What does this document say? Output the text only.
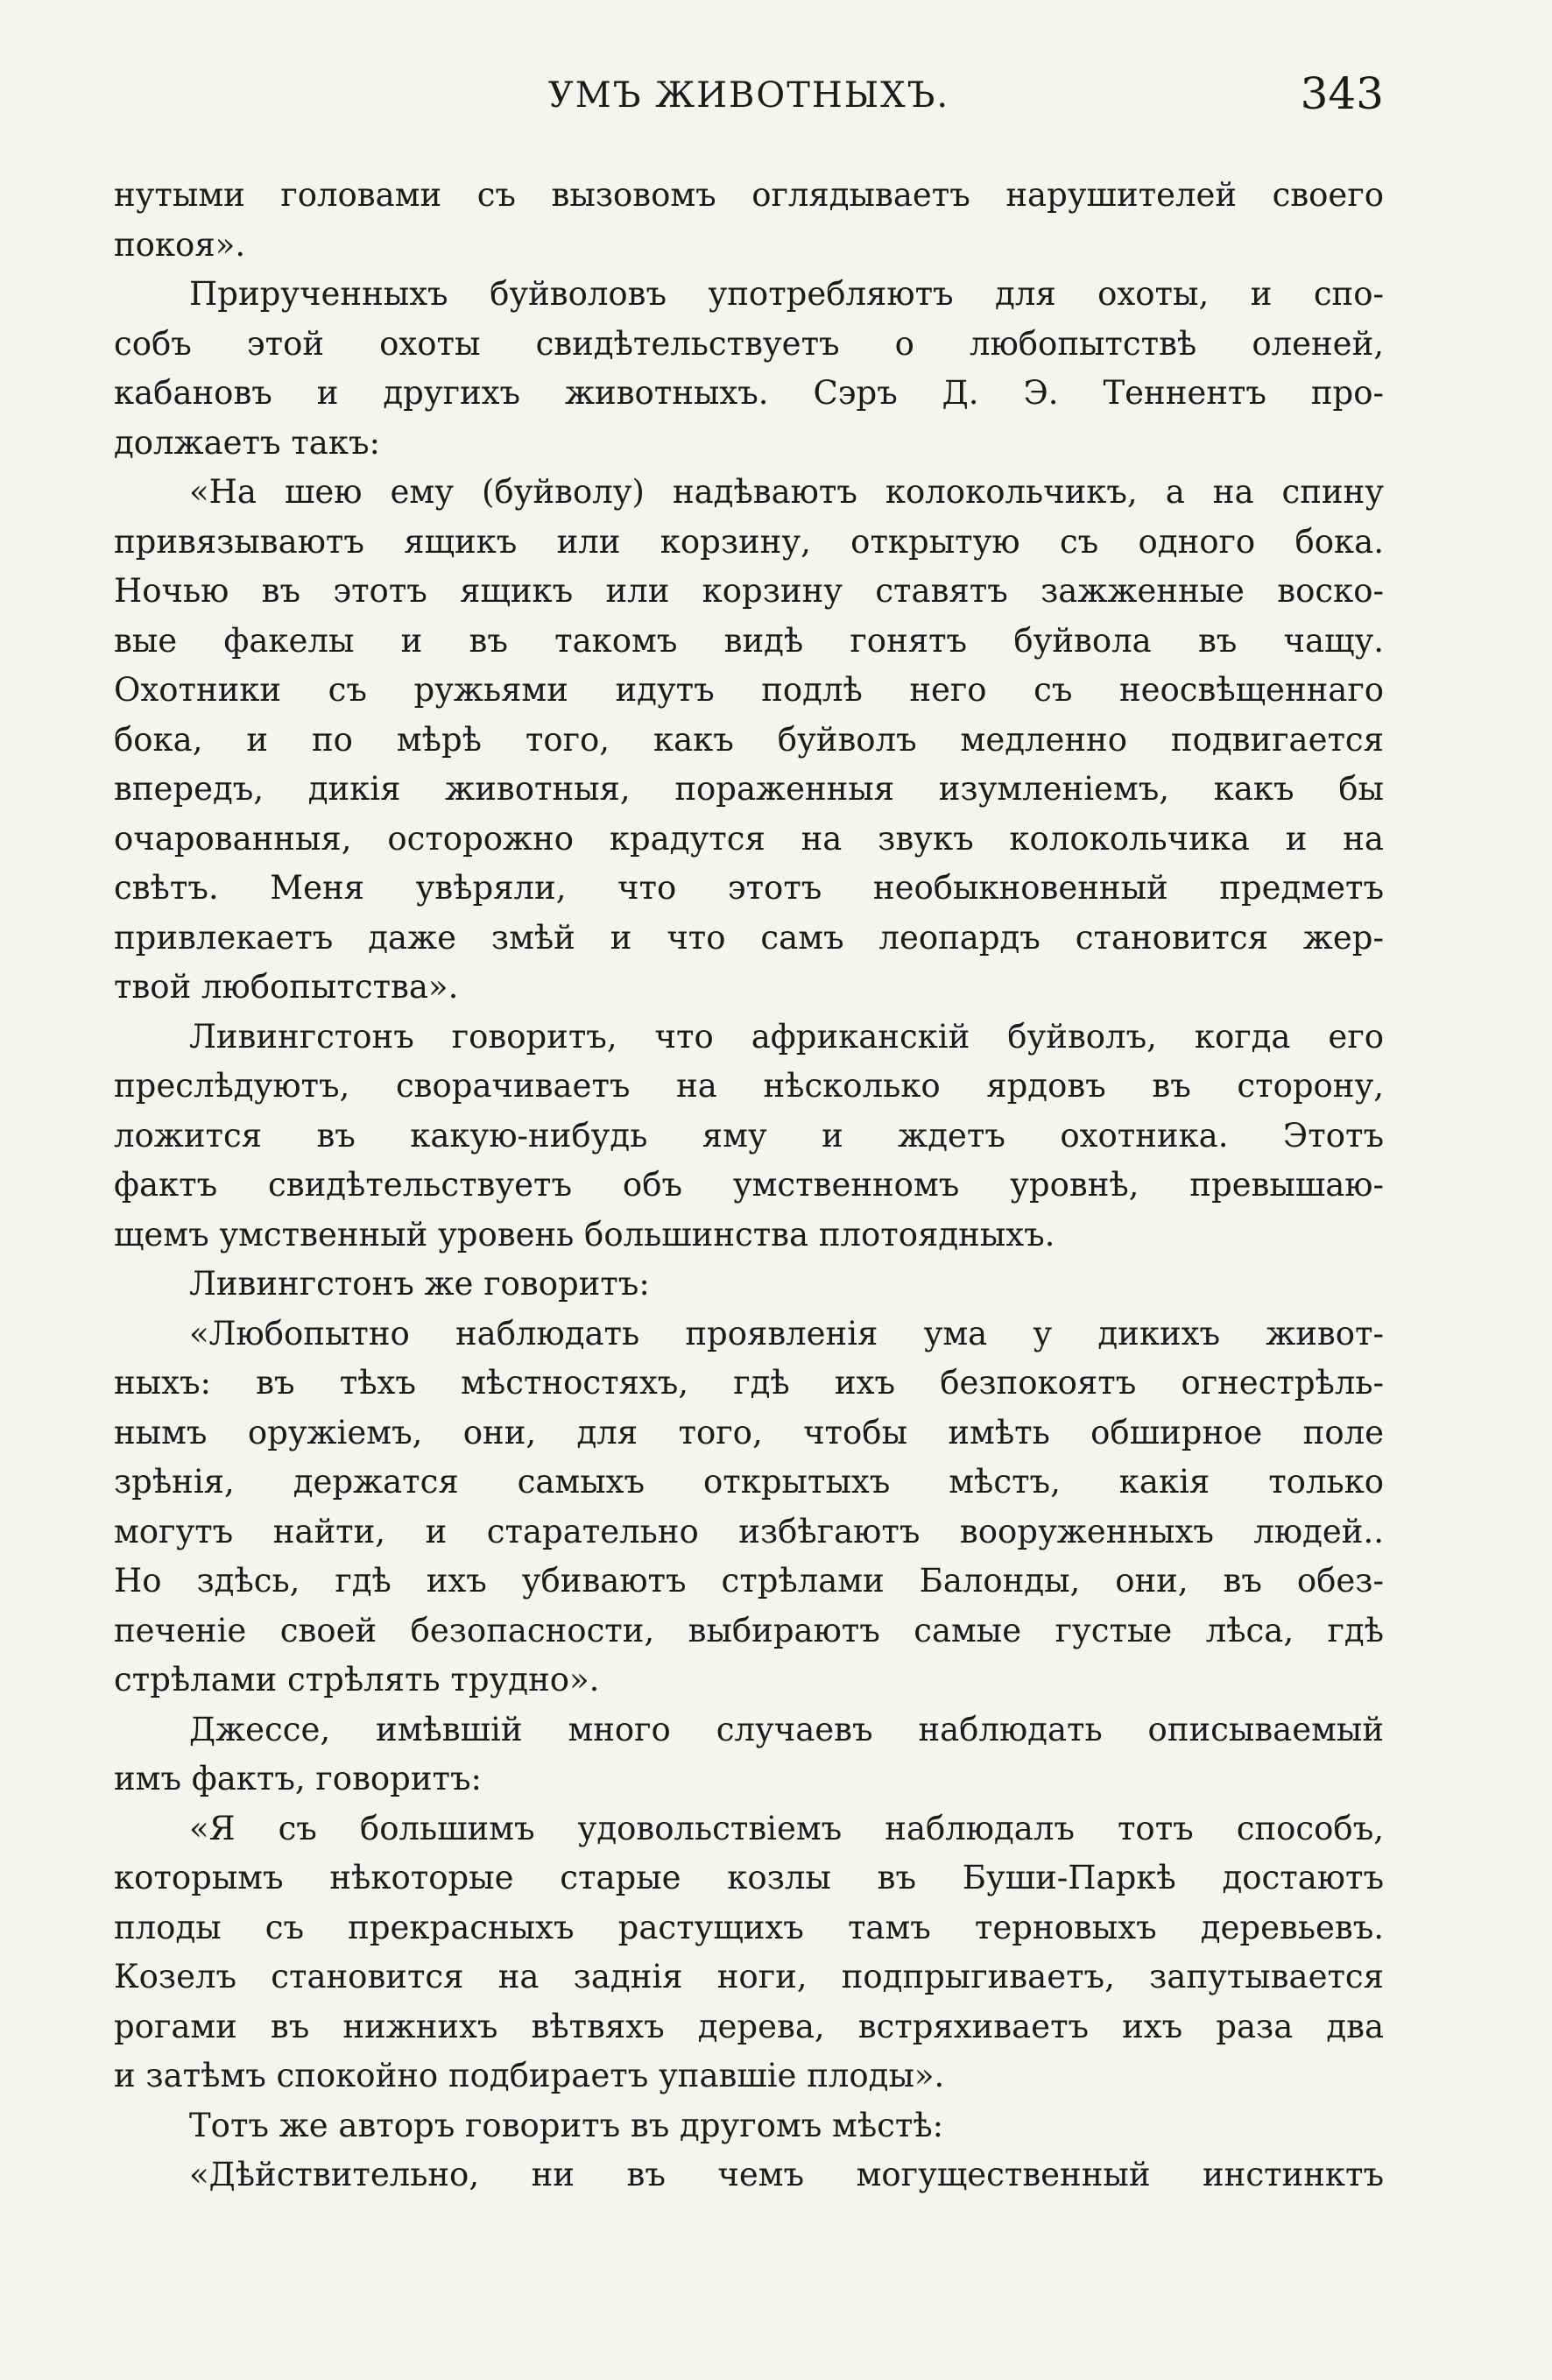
УМЪ ЖИВОТНЫХЪ.	343
нутыми головами съ вызовомъ оглядываетъ нарушителей своего
покоя».
Прирученныхъ буйволовъ употребляютъ для охоты, и спо-
собъ этой охоты свидѣтельствуетъ о любопытствѣ оленей,
кабановъ и другихъ животныхъ. Сэръ Д. Э. Теннентъ про-
должаетъ такъ:
«На шею ему (буйволу) надѣваютъ колокольчикъ, а на спину
привязываютъ ящикъ или корзину, открытую съ одного бока.
Ночью въ этотъ ящикъ или корзину ставятъ зажженные воско-
вые факелы и въ такомъ видѣ гонятъ буйвола въ чащу.
Охотники съ ружьями идутъ подлѣ него съ неосвѣщеннаго
бока, и по мѣрѣ того, какъ буйволъ медленно подвигается
впередъ, дикія животныя, пораженныя изумленіемъ, какъ бы
очарованныя, осторожно крадутся на звукъ колокольчика и на
свѣтъ. Меня увѣряли, что этотъ необыкновенный предметъ
привлекаетъ даже змѣй и что самъ леопардъ становится жер-
твой любопытства».
Ливингстонъ говоритъ, что африканскій буйволъ, когда его
преслѣдуютъ, сворачиваетъ на нѣсколько ярдовъ въ сторону,
ложится въ какую-нибудь яму и ждетъ охотника. Этотъ
фактъ свидѣтельствуетъ объ умственномъ уровнѣ, превышаю-
щемъ умственный уровень большинства плотоядныхъ.
Ливингстонъ же говоритъ:
«Любопытно наблюдать проявленія ума у дикихъ живот-
ныхъ: въ тѣхъ мѣстностяхъ, гдѣ ихъ безпокоятъ огнестрѣль-
нымъ оружіемъ, они, для того, чтобы имѣть обширное поле
зрѣнія, держатся самыхъ открытыхъ мѣстъ, какія только
могутъ найти, и старательно избѣгаютъ вооруженныхъ людей..
Но здѣсь, гдѣ ихъ убиваютъ стрѣлами Балонды, они, въ обез-
печеніе своей безопасности, выбираютъ самые густые лѣса, гдѣ
стрѣлами стрѣлять трудно».
Джессе, имѣвшій много случаевъ наблюдать описываемый
имъ фактъ, говоритъ:
«Я съ большимъ удовольствіемъ наблюдалъ тотъ способъ,
которымъ нѣкоторые старые козлы въ Буши-Паркѣ достаютъ
плоды съ прекрасныхъ растущихъ тамъ терновыхъ деревьевъ.
Козелъ становится на заднія ноги, подпрыгиваетъ, запутывается
рогами въ нижнихъ вѣтвяхъ дерева, встряхиваетъ ихъ раза два
и затѣмъ спокойно подбираетъ упавшіе плоды».
Тотъ же авторъ говоритъ въ другомъ мѣстѣ:
«Дѣйствительно, ни въ чемъ могущественный инстинктъ
